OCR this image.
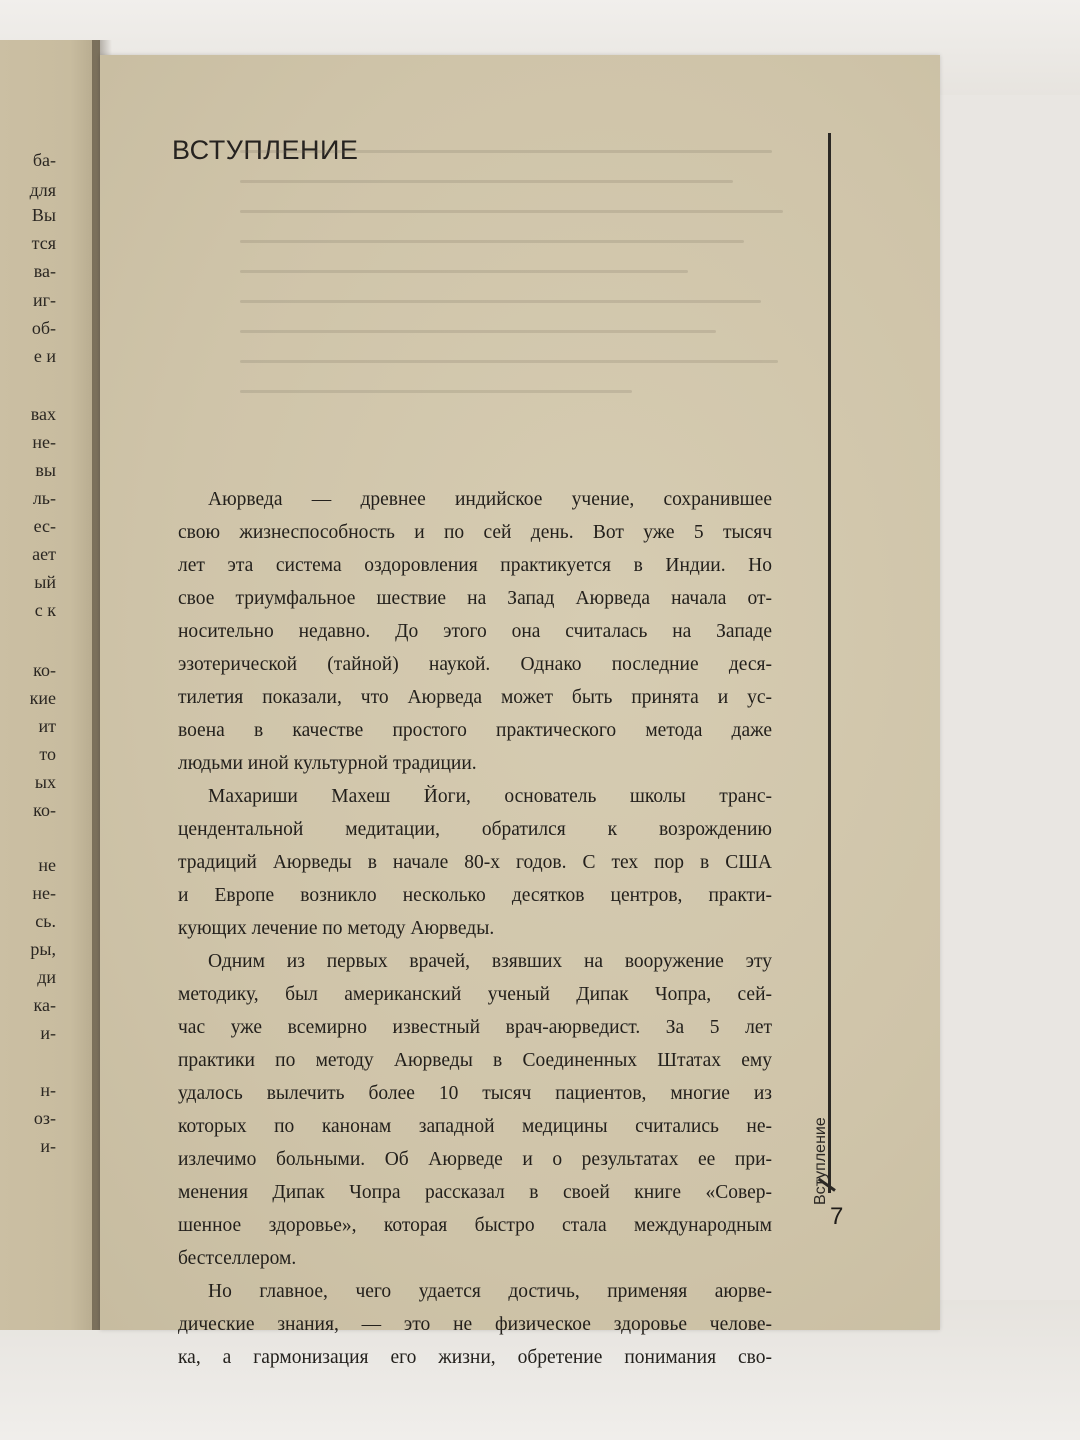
ба-
для
Вы
тся
ва-
иг-
об-
е и
вах
не-
вы
ль-
ес-
ает
ый
с к
ко-
кие
ит
то
ых
ко-
не
не-
сь.
ры,
ди
ка-
и-
н-
оз-
и-
ВСТУПЛЕНИЕ
Аюрведа — древнее индийское учение, сохранившее
свою жизнеспособность и по сей день. Вот уже 5 тысяч
лет эта система оздоровления практикуется в Индии. Но
свое триумфальное шествие на Запад Аюрведа начала от-
носительно недавно. До этого она считалась на Западе
эзотерической (тайной) наукой. Однако последние деся-
тилетия показали, что Аюрведа может быть принята и ус-
воена в качестве простого практического метода даже
людьми иной культурной традиции.
Махариши Махеш Йоги, основатель школы транс-
цендентальной медитации, обратился к возрождению
традиций Аюрведы в начале 80-х годов. С тех пор в США
и Европе возникло несколько десятков центров, практи-
кующих лечение по методу Аюрведы.
Одним из первых врачей, взявших на вооружение эту
методику, был американский ученый Дипак Чопра, сей-
час уже всемирно известный врач-аюрведист. За 5 лет
практики по методу Аюрведы в Соединенных Штатах ему
удалось вылечить более 10 тысяч пациентов, многие из
которых по канонам западной медицины считались не-
излечимо больными. Об Аюрведе и о результатах ее при-
менения Дипак Чопра рассказал в своей книге «Совер-
шенное здоровье», которая быстро стала международным
бестселлером.
Но главное, чего удается достичь, применяя аюрве-
дические знания, — это не физическое здоровье челове-
ка, а гармонизация его жизни, обретение понимания сво-
Вступление
7
